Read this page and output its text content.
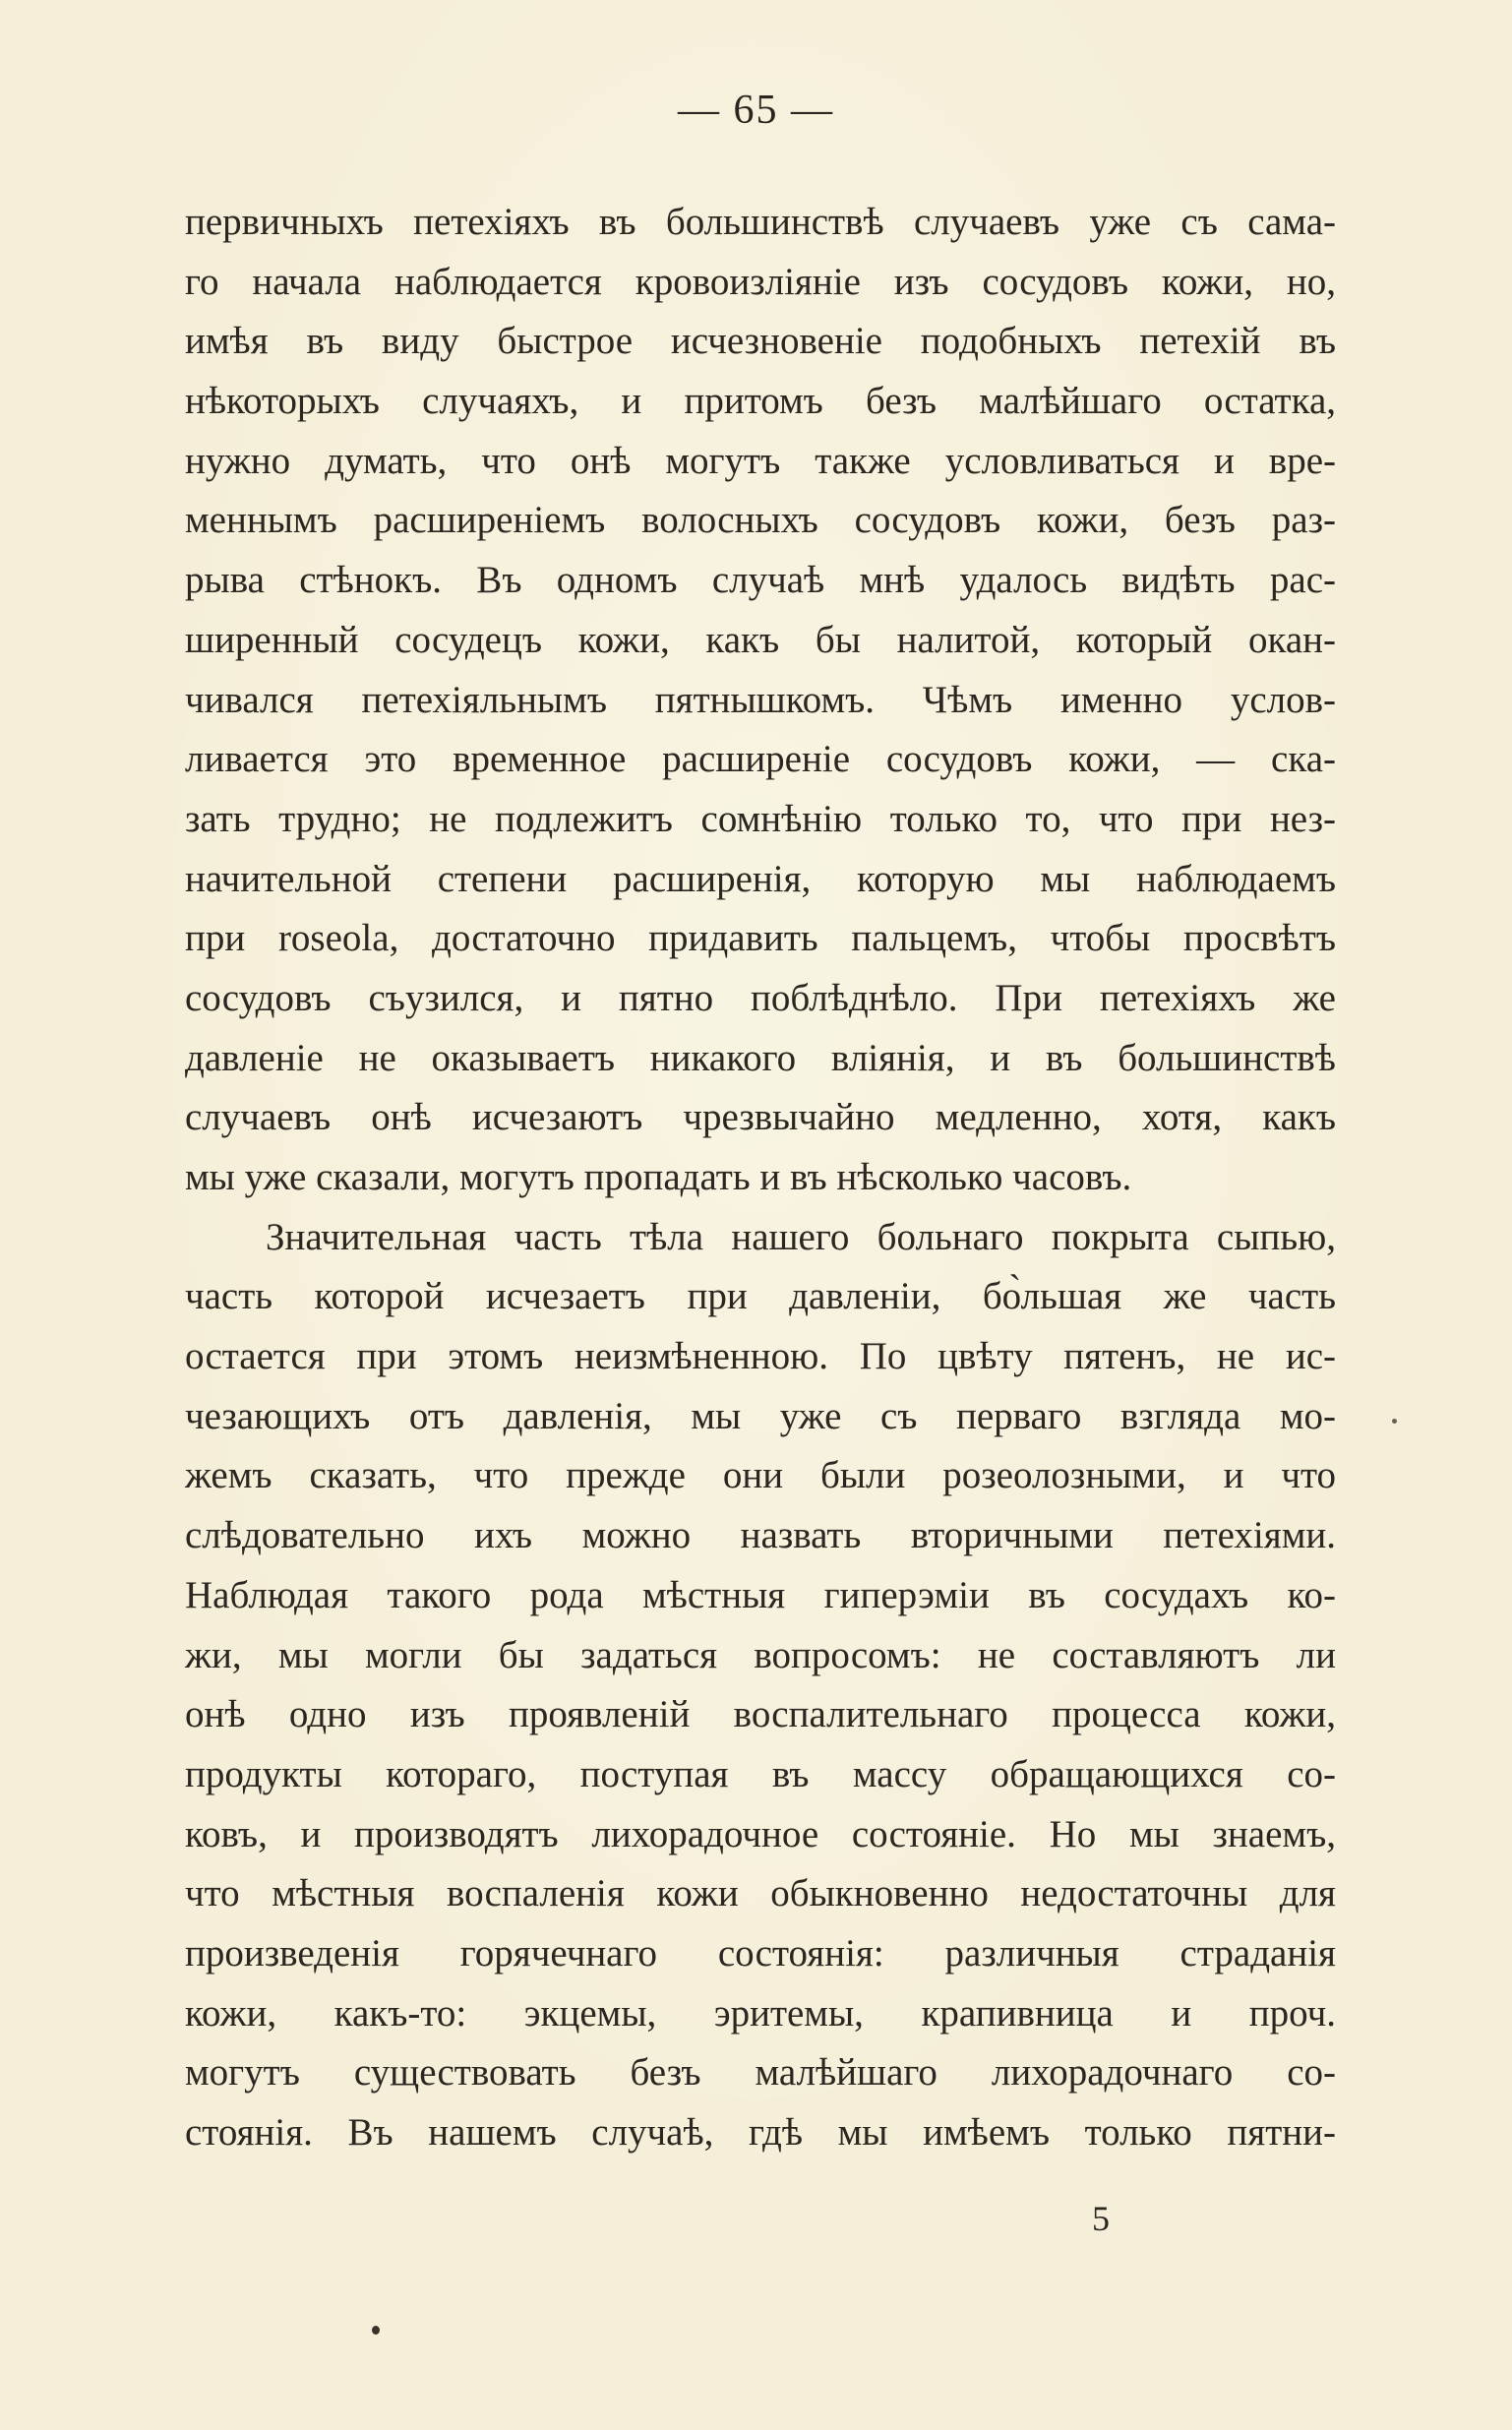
— 65 —
первичныхъ петехіяхъ въ большинствѣ случаевъ уже съ сама-
го начала наблюдается кровоизліяніе изъ сосудовъ кожи, но,
имѣя въ виду быстрое исчезновеніе подобныхъ петехій въ
нѣкоторыхъ случаяхъ, и притомъ безъ малѣйшаго остатка,
нужно думать, что онѣ могутъ также условливаться и вре-
меннымъ расширеніемъ волосныхъ сосудовъ кожи, безъ раз-
рыва стѣнокъ. Въ одномъ случаѣ мнѣ удалось видѣть рас-
ширенный сосудецъ кожи, какъ бы налитой, который окан-
чивался петехіяльнымъ пятнышкомъ. Чѣмъ именно услов-
ливается это временное расширеніе сосудовъ кожи, — ска-
зать трудно; не подлежитъ сомнѣнію только то, что при нез-
начительной степени расширенія, которую мы наблюдаемъ
при roseola, достаточно придавить пальцемъ, чтобы просвѣтъ
сосудовъ съузился, и пятно поблѣднѣло. При петехіяхъ же
давленіе не оказываетъ никакого вліянія, и въ большинствѣ
случаевъ онѣ исчезаютъ чрезвычайно медленно, хотя, какъ
мы уже сказали, могутъ пропадать и въ нѣсколько часовъ.
Значительная часть тѣла нашего больнаго покрыта сыпью,
часть которой исчезаетъ при давленіи, бо̀льшая же часть
остается при этомъ неизмѣненною. По цвѣту пятенъ, не ис-
чезающихъ отъ давленія, мы уже съ перваго взгляда мо-
жемъ сказать, что прежде они были розеолозными, и что
слѣдовательно ихъ можно назвать вторичными петехіями.
Наблюдая такого рода мѣстныя гиперэміи въ сосудахъ ко-
жи, мы могли бы задаться вопросомъ: не составляютъ ли
онѣ одно изъ проявленій воспалительнаго процесса кожи,
продукты котораго, поступая въ массу обращающихся со-
ковъ, и производятъ лихорадочное состояніе. Но мы знаемъ,
что мѣстныя воспаленія кожи обыкновенно недостаточны для
произведенія горячечнаго состоянія: различныя страданія
кожи, какъ-то: экцемы, эритемы, крапивница и проч.
могутъ существовать безъ малѣйшаго лихорадочнаго со-
стоянія. Въ нашемъ случаѣ, гдѣ мы имѣемъ только пятни-
5
